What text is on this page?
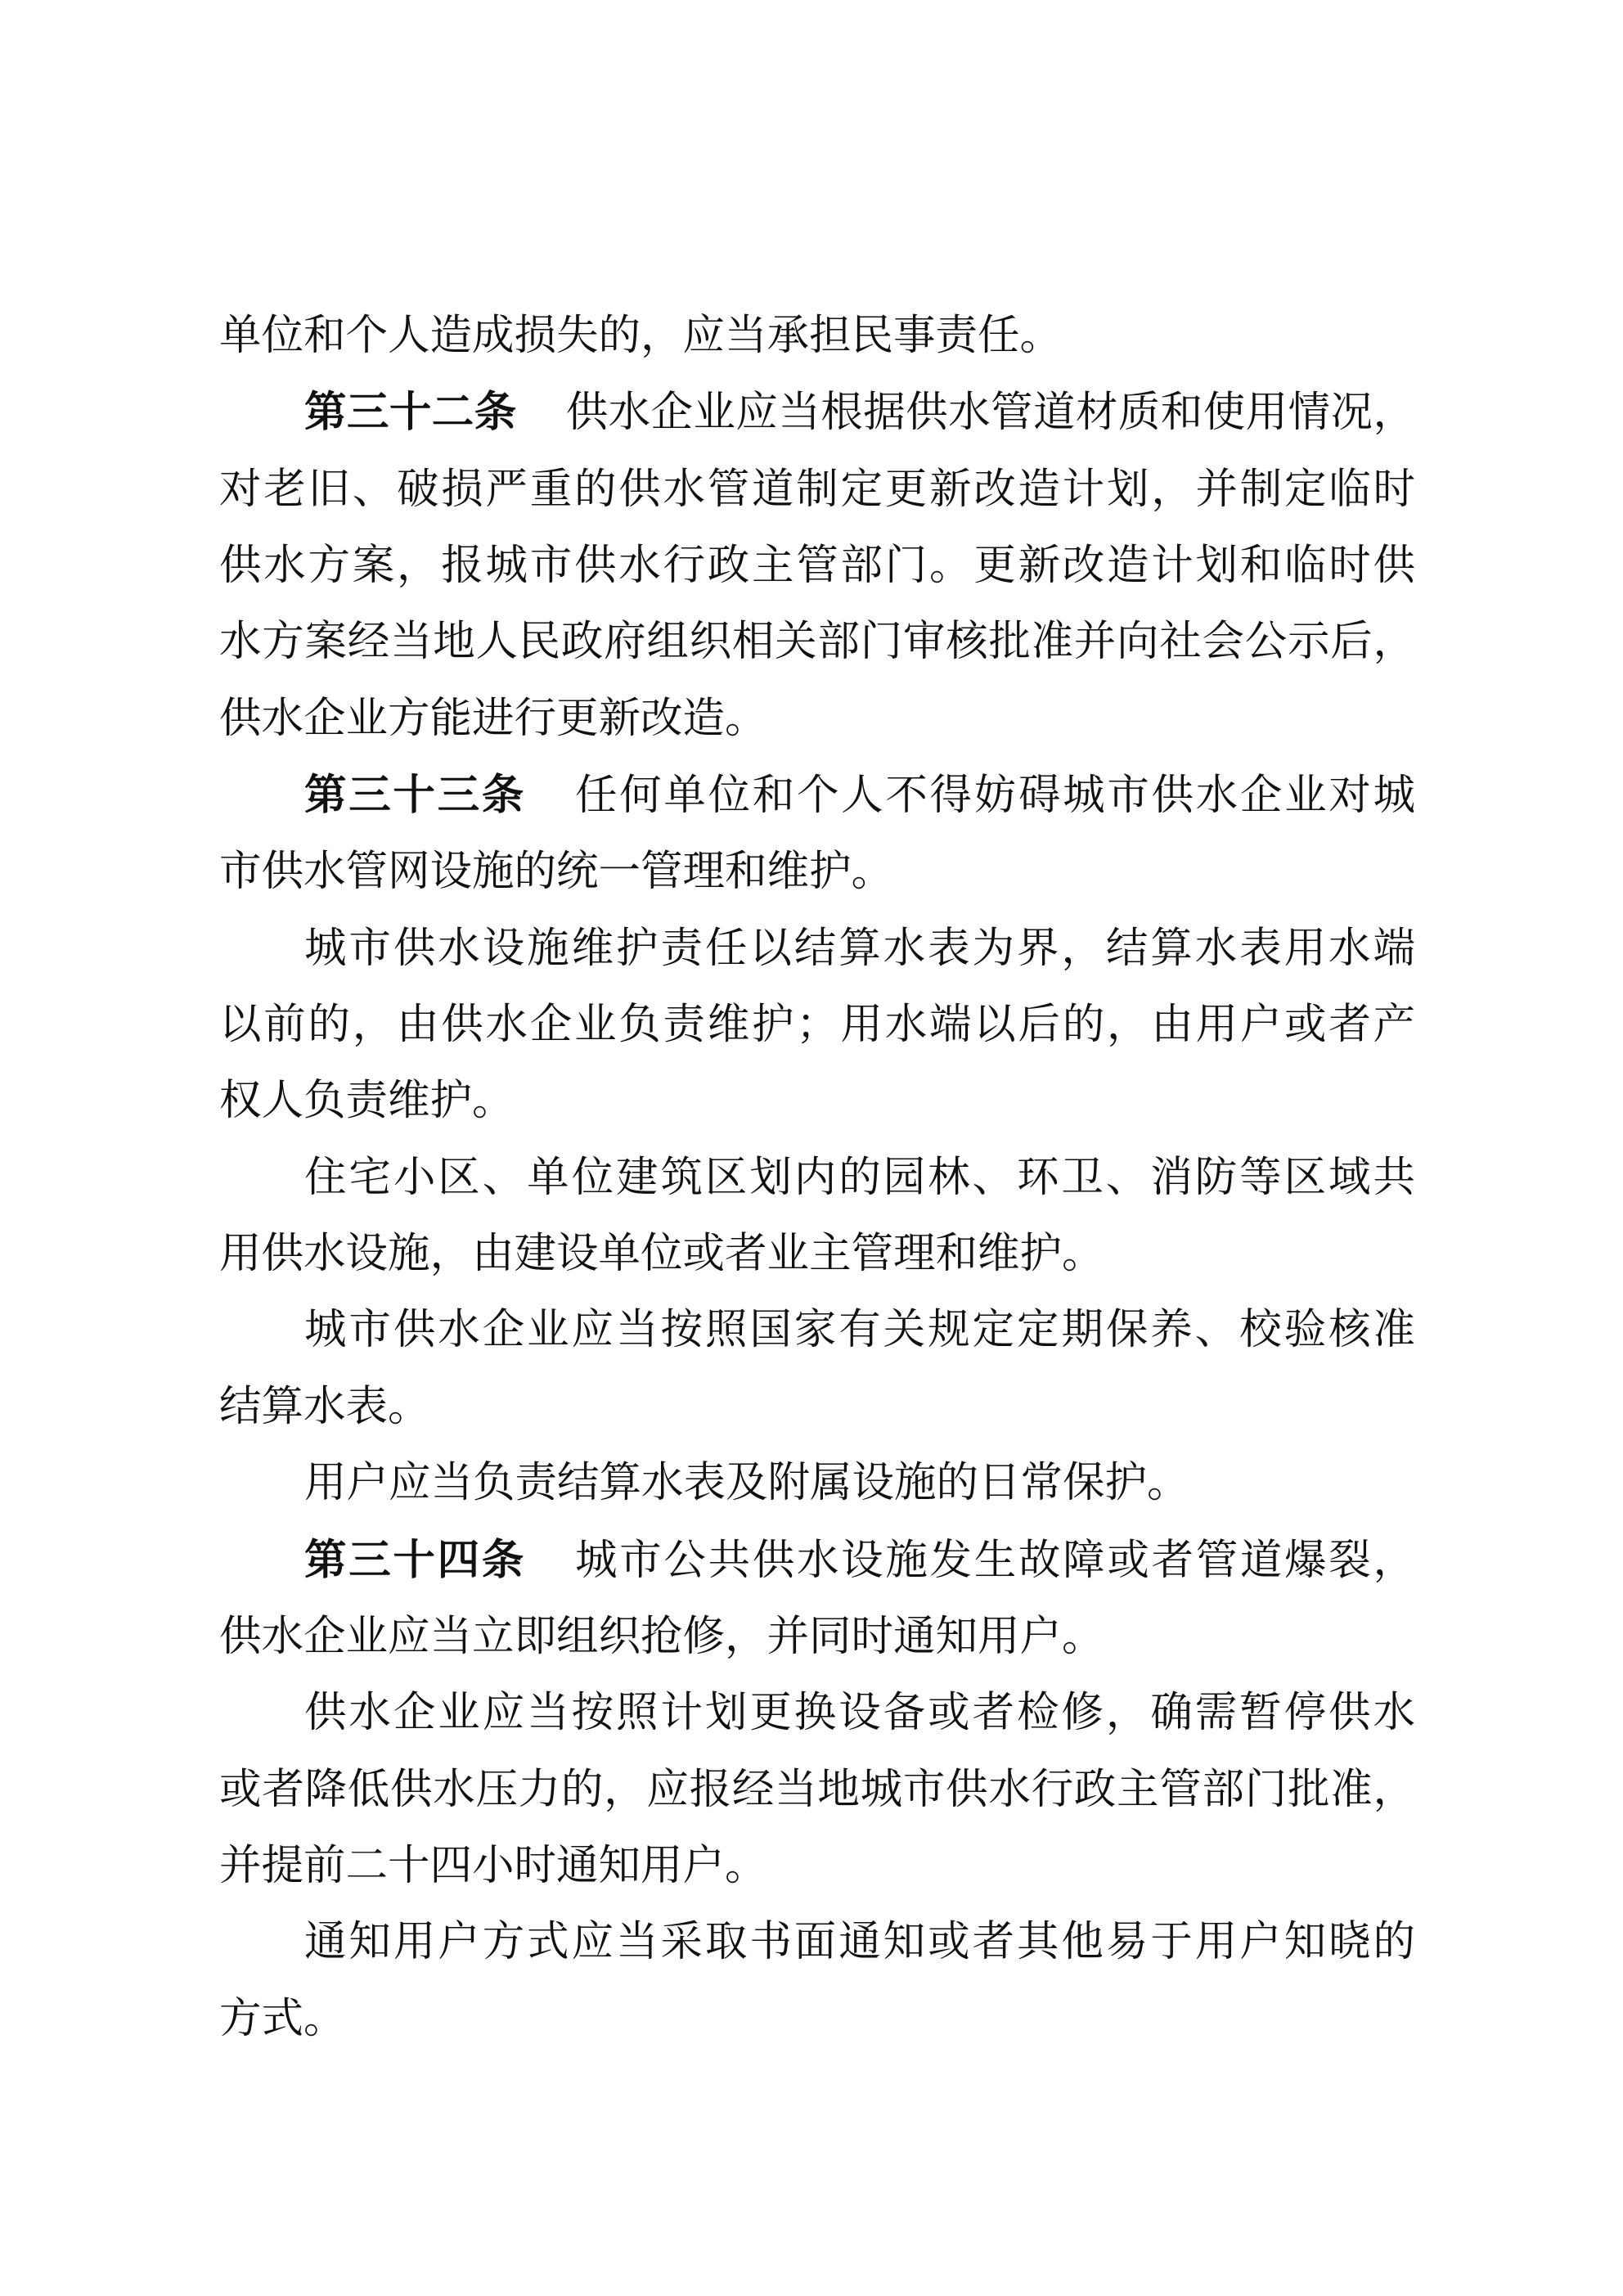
单位和个人造成损失的，应当承担民事责任。
第三十二条 供水企业应当根据供水管道材质和使用情况，
对老旧、破损严重的供水管道制定更新改造计划，并制定临时
供水方案，报城市供水行政主管部门。更新改造计划和临时供
水方案经当地人民政府组织相关部门审核批准并向社会公示后，
供水企业方能进行更新改造。
第三十三条 任何单位和个人不得妨碍城市供水企业对城
市供水管网设施的统一管理和维护。
城市供水设施维护责任以结算水表为界，结算水表用水端
以前的，由供水企业负责维护；用水端以后的，由用户或者产
权人负责维护。
住宅小区、单位建筑区划内的园林、环卫、消防等区域共
用供水设施，由建设单位或者业主管理和维护。
城市供水企业应当按照国家有关规定定期保养、校验核准
结算水表。
用户应当负责结算水表及附属设施的日常保护。
第三十四条 城市公共供水设施发生故障或者管道爆裂，
供水企业应当立即组织抢修，并同时通知用户。
供水企业应当按照计划更换设备或者检修，确需暂停供水
或者降低供水压力的，应报经当地城市供水行政主管部门批准，
并提前二十四小时通知用户。
通知用户方式应当采取书面通知或者其他易于用户知晓的
方式。
